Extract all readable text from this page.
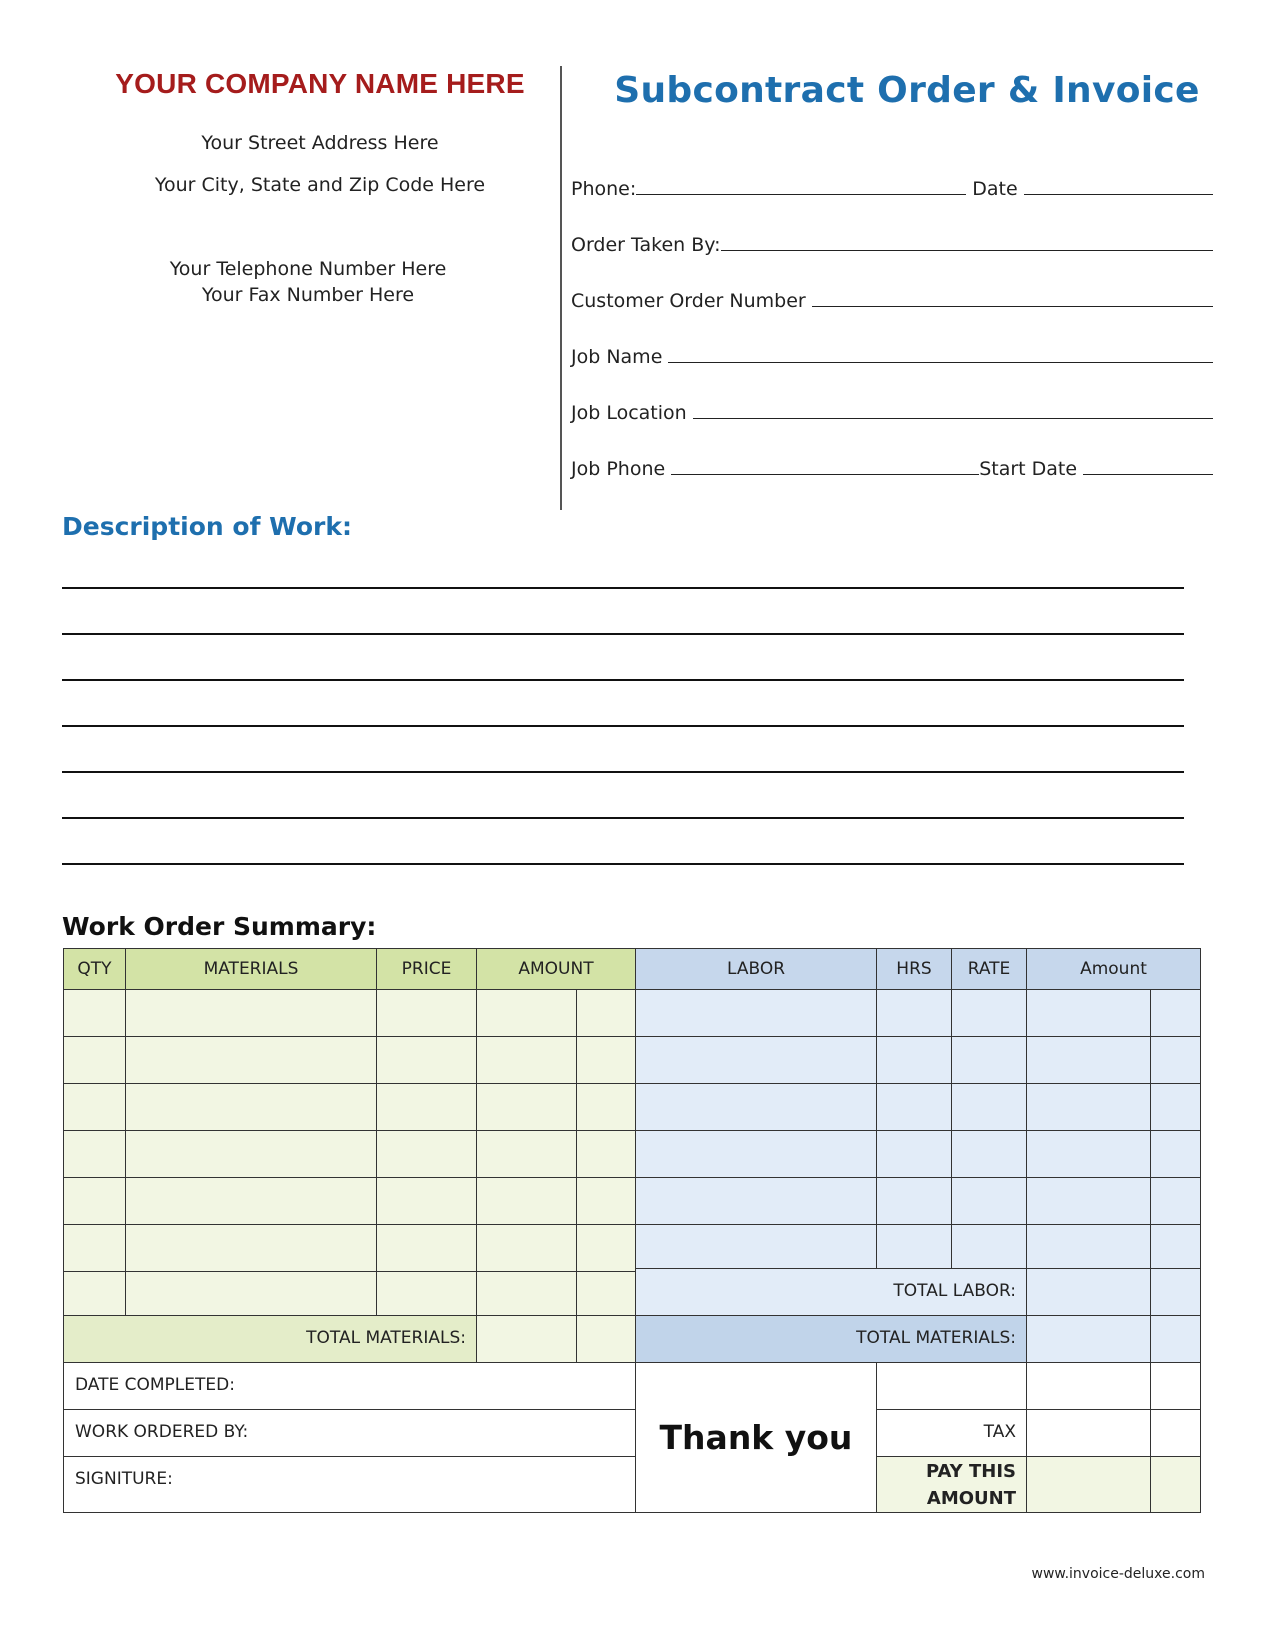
YOUR COMPANY NAME HERE
Your Street Address Here
Your City, State and Zip Code Here
Your Telephone Number Here
Your Fax Number Here
Subcontract Order & Invoice
Phone:	Date
Order Taken By:
Customer Order Number
Job Name
Job Location
Job Phone	Start Date
Description of Work:
Work Order Summary:
QTY	MATERIALS	PRICE	AMOUNT	LABOR	HRS	RATE	Amount
TOTAL MATERIALS:
TOTAL LABOR:
TOTAL MATERIALS:
DATE COMPLETED:
WORK ORDERED BY:
SIGNITURE:
Thank you	TAX
PAY THIS
AMOUNT
www.invoice-deluxe.com
